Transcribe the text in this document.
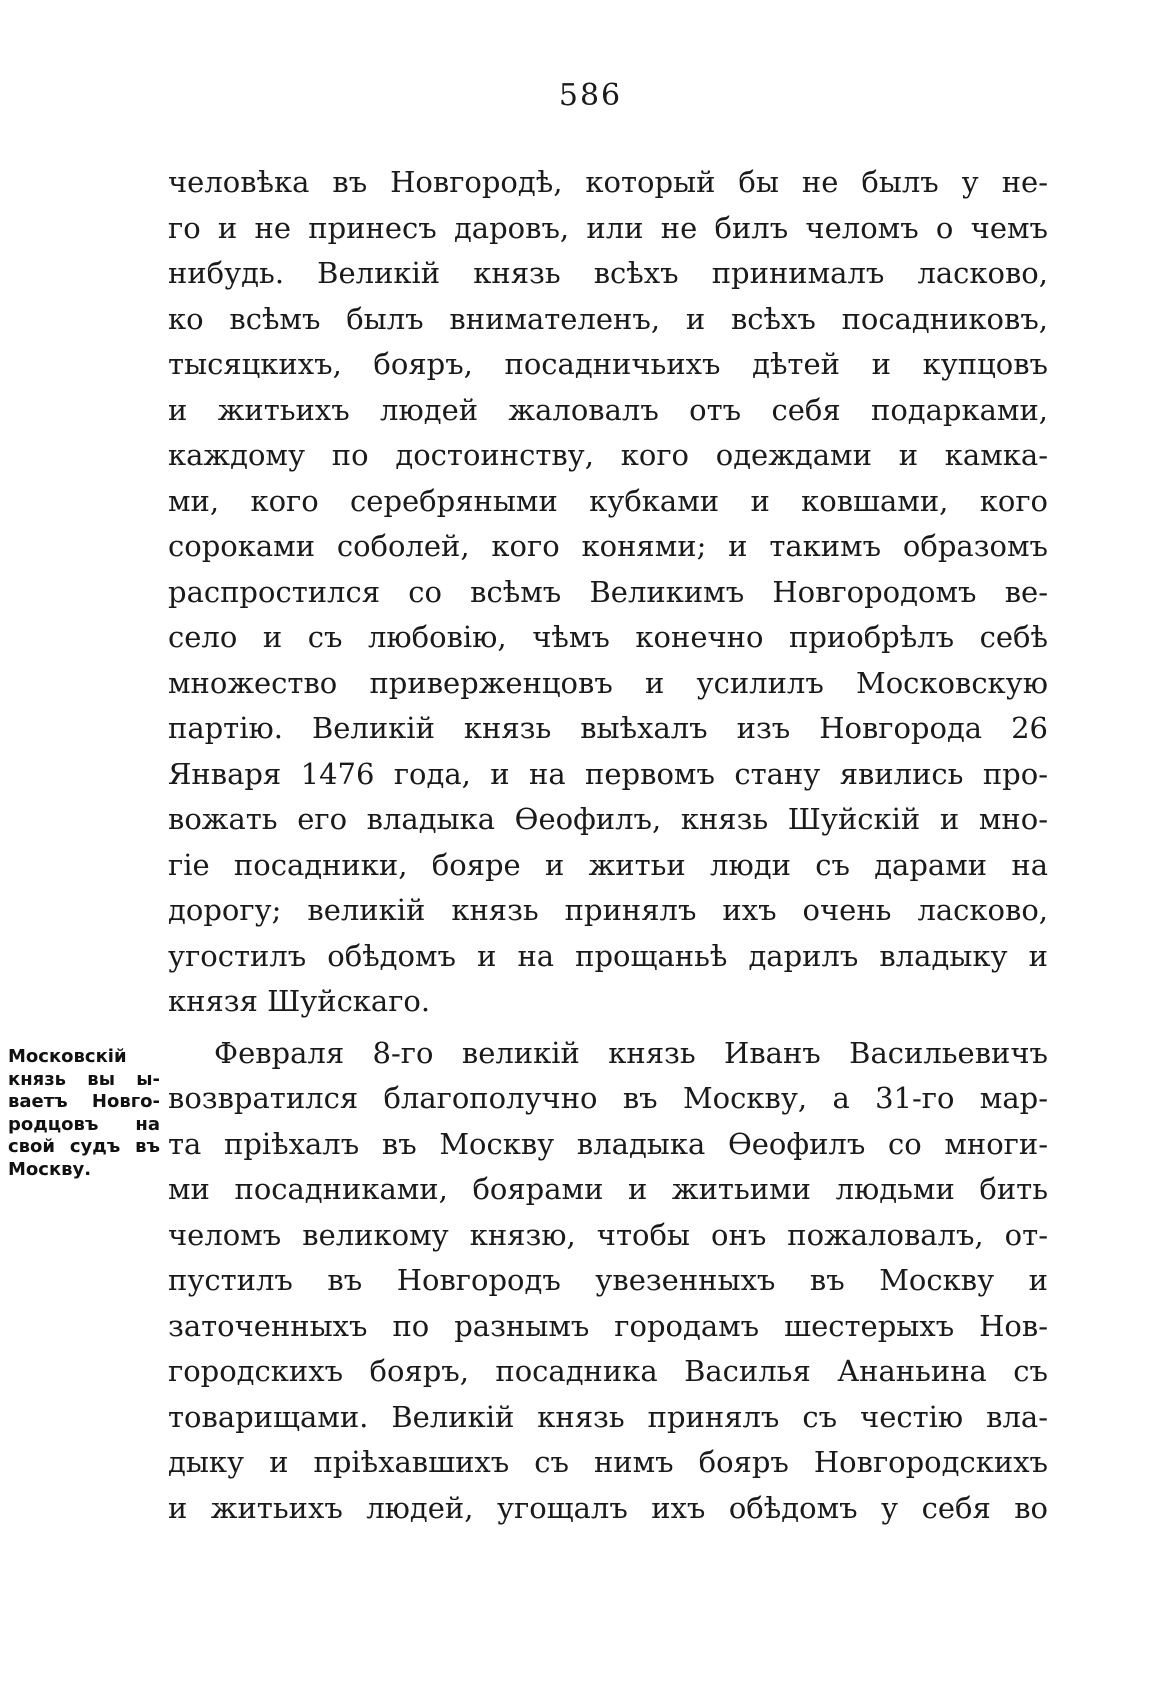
586
человѣка въ Новгородѣ, который бы не былъ у не-
го и не принесъ даровъ, или не билъ челомъ о чемъ
нибудь. Великій князь всѣхъ принималъ ласково,
ко всѣмъ былъ внимателенъ, и всѣхъ посадниковъ,
тысяцкихъ, бояръ, посадничьихъ дѣтей и купцовъ
и житьихъ людей жаловалъ отъ себя подарками,
каждому по достоинству, кого одеждами и камка-
ми, кого серебряными кубками и ковшами, кого
сороками соболей, кого конями; и такимъ образомъ
распростился со всѣмъ Великимъ Новгородомъ ве-
село и съ любовію, чѣмъ конечно приобрѣлъ себѣ
множество приверженцовъ и усилилъ Московскую
партію. Великій князь выѣхалъ изъ Новгорода 26
Января 1476 года, и на первомъ стану явились про-
вожать его владыка Ѳеофилъ, князь Шуйскій и мно-
гіе посадники, бояре и житьи люди съ дарами на
дорогу; великій князь принялъ ихъ очень ласково,
угостилъ обѣдомъ и на прощаньѣ дарилъ владыку и
князя Шуйскаго.
Февраля 8-го великій князь Иванъ Васильевичъ
возвратился благополучно въ Москву, а 31-го мар-
та пріѣхалъ въ Москву владыка Ѳеофилъ со многи-
ми посадниками, боярами и житьими людьми бить
челомъ великому князю, чтобы онъ пожаловалъ, от-
пустилъ въ Новгородъ увезенныхъ въ Москву и
заточенныхъ по разнымъ городамъ шестерыхъ Нов-
городскихъ бояръ, посадника Василья Ананьина съ
товарищами. Великій князь принялъ съ честію вла-
дыку и пріѣхавшихъ съ нимъ бояръ Новгородскихъ
и житьихъ людей, угощалъ ихъ обѣдомъ у себя во
Московскій
князь вы ы-
ваетъ Новго-
родцовъ на
свой судъ въ
Москву.
